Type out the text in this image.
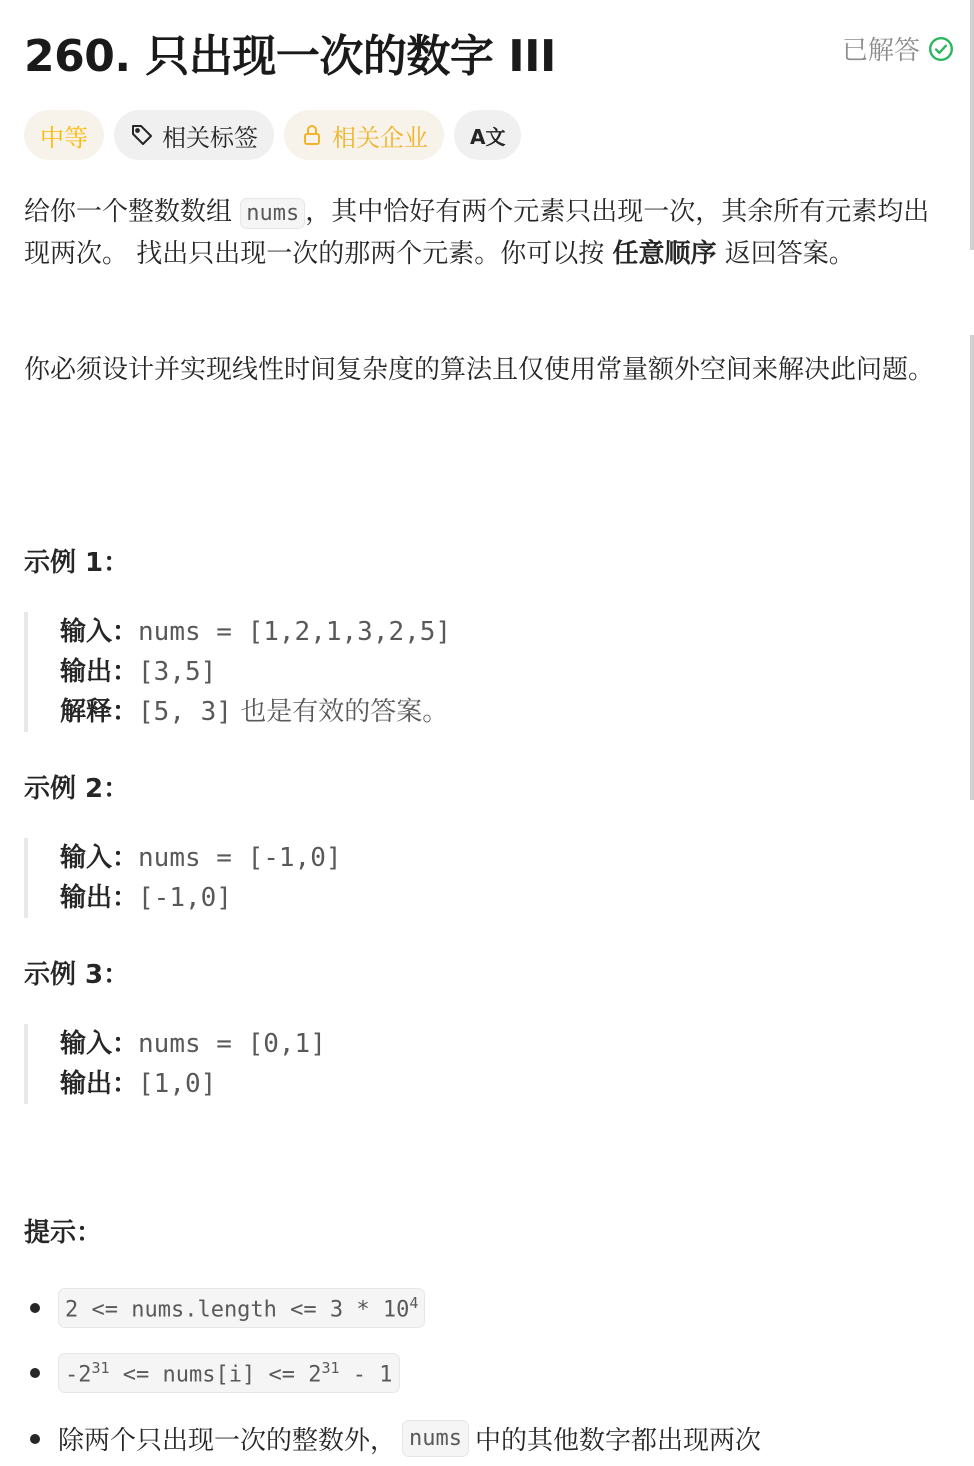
260. 只出现一次的数字 III	已解答
中等	相关标签	相关企业 A文

给你一个整数数组 nums ，其中恰好有两个元素只出现一次，其余所有元素均出现两次。 找出只出现一次的那两个元素。你可以按 任意顺序 返回答案。

你必须设计并实现线性时间复杂度的算法且仅使用常量额外空间来解决此问题。

示例 1：
输入：nums = [1,2,1,3,2,5]
输出：[3,5]
解释：[5, 3] 也是有效的答案。
示例 2：
输入：nums = [-1,0]
输出：[-1,0]
示例 3：
输入：nums = [0,1]
输出：[1,0]
提示：
2 <= nums.length <= $3 * 10^4$
$-2^{31}$ <= nums[i] <= $2^{31} - 1$
除两个只出现一次的整数外， nums 中的其他数字都出现两次
